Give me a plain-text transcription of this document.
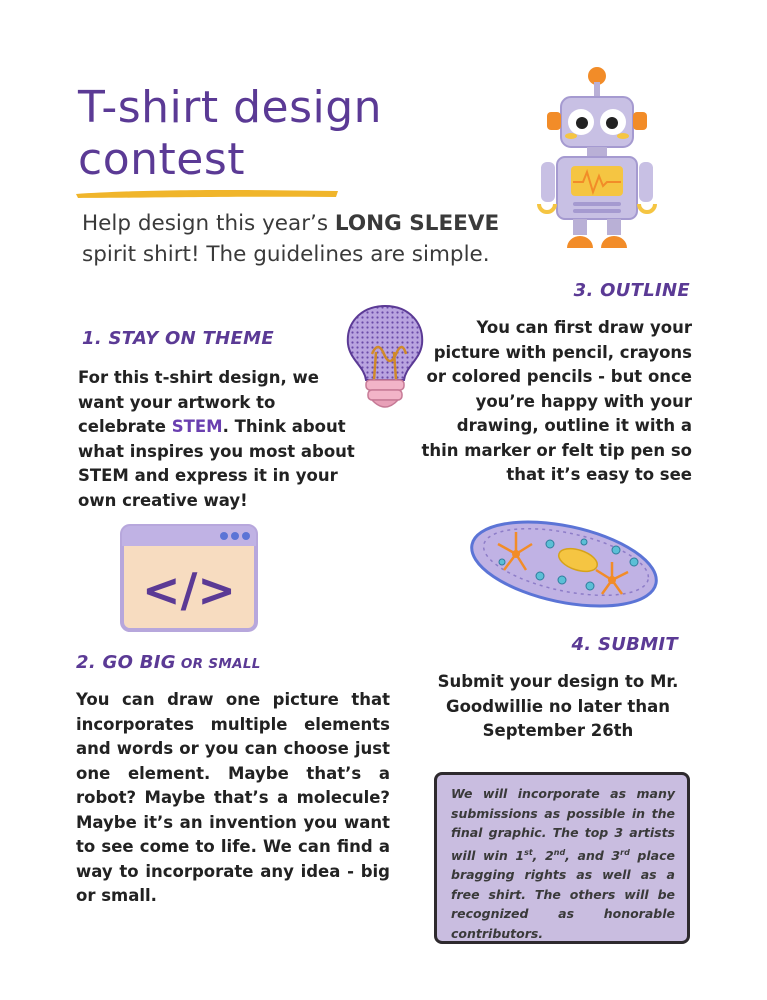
T-shirt design
contest
Help design this year’s LONG SLEEVE spirit shirt! The guidelines are simple.
1. STAY ON THEME
For this t-shirt design, we want your artwork to celebrate STEM. Think about what inspires you most about STEM and express it in your own creative way!
</>
2. GO BIG OR SMALL
You can draw one picture that incorporates multiple elements and words or you can choose just one element. Maybe that’s a robot? Maybe that’s a molecule? Maybe it’s an invention you want to see come to life. We can find a way to incorporate any idea - big or small.
3. OUTLINE
You can first draw your picture with pencil, crayons or colored pencils - but once you’re happy with your drawing, outline it with a thin marker or felt tip pen so that it’s easy to see
4. SUBMIT
Submit your design to Mr. Goodwillie no later than September 26th
We will incorporate as many submissions as possible in the final graphic. The top 3 artists will win 1st, 2nd, and 3rd place bragging rights as well as a free shirt. The others will be recognized as honorable contributors.
